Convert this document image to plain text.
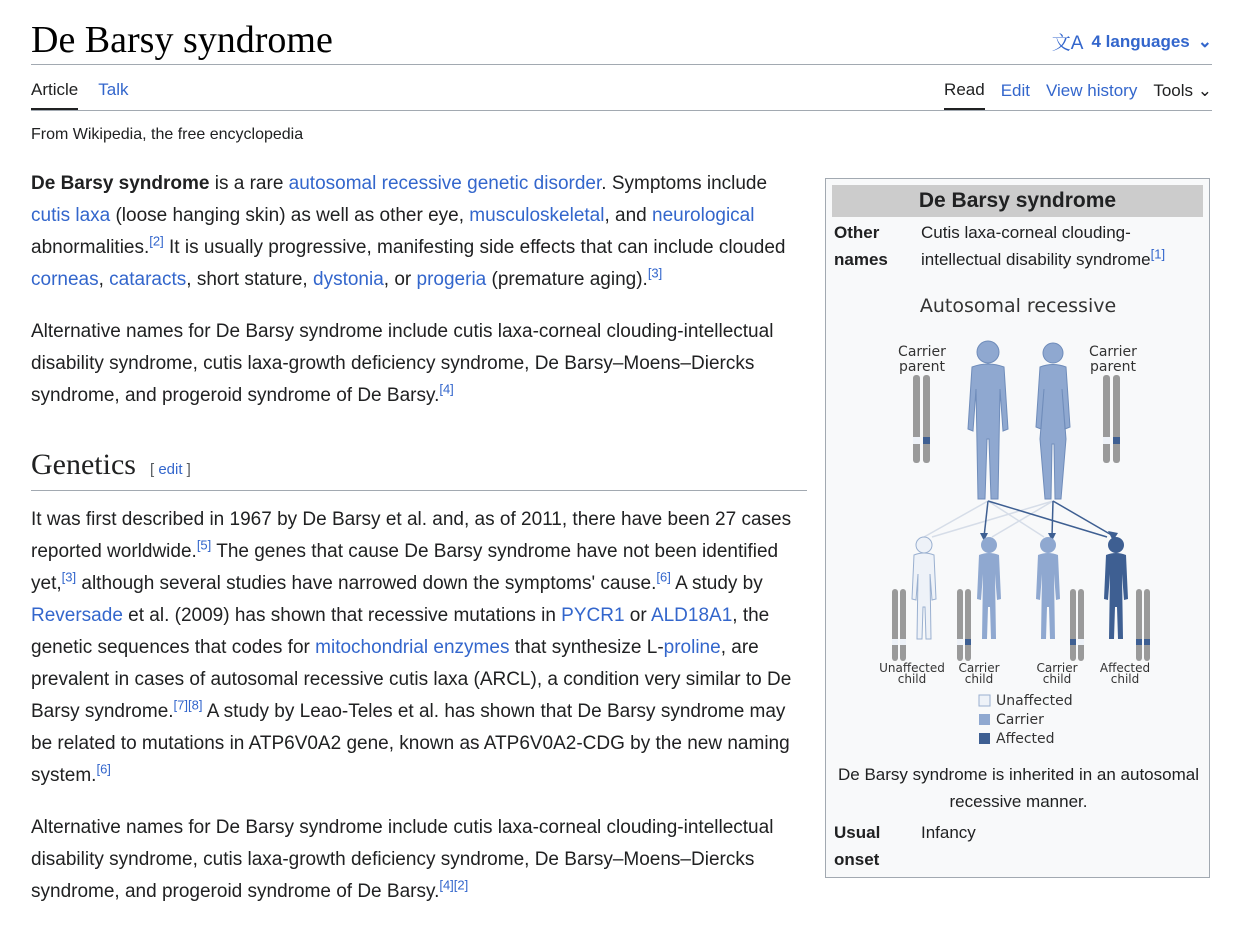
De Barsy syndrome	文A 4 languages ⌄
Article Talk	Read Edit View history Tools ⌄
From Wikipedia, the free encyclopedia

De Barsy syndrome is a rare autosomal recessive genetic disorder. Symptoms include cutis laxa (loose hanging skin) as well as other eye, musculoskeletal, and neurological abnormalities.[2] It is usually progressive, manifesting side effects that can include clouded corneas, cataracts, short stature, dystonia, or progeria (premature aging).[3]

Alternative names for De Barsy syndrome include cutis laxa-corneal clouding-intellectual disability syndrome, cutis laxa-growth deficiency syndrome, De Barsy–Moens–Diercks syndrome, and progeroid syndrome of De Barsy.[4]

Genetics [ edit ]

It was first described in 1967 by De Barsy et al. and, as of 2011, there have been 27 cases reported worldwide.[5] The genes that cause De Barsy syndrome have not been identified yet,[3] although several studies have narrowed down the symptoms' cause.[6] A study by Reversade et al. (2009) has shown that recessive mutations in PYCR1 or ALD18A1, the genetic sequences that codes for mitochondrial enzymes that synthesize L-proline, are prevalent in cases of autosomal recessive cutis laxa (ARCL), a condition very similar to De Barsy syndrome.[7][8] A study by Leao-Teles et al. has shown that De Barsy syndrome may be related to mutations in ATP6V0A2 gene, known as ATP6V0A2-CDG by the new naming system.[6]

Alternative names for De Barsy syndrome include cutis laxa-corneal clouding-intellectual disability syndrome, cutis laxa-growth deficiency syndrome, De Barsy–Moens–Diercks syndrome, and progeroid syndrome of De Barsy.[4][2]

De Barsy syndrome
Other names
Cutis laxa-corneal clouding-intellectual disability syndrome[1]
Autosomal recessive
Carrier
parent
Carrier
parent
Unaffected
child
Carrier
child
Carrier
child
Affected
child
Unaffected
Carrier
Affected
De Barsy syndrome is inherited in an autosomal recessive manner.
Usual onset
Infancy
